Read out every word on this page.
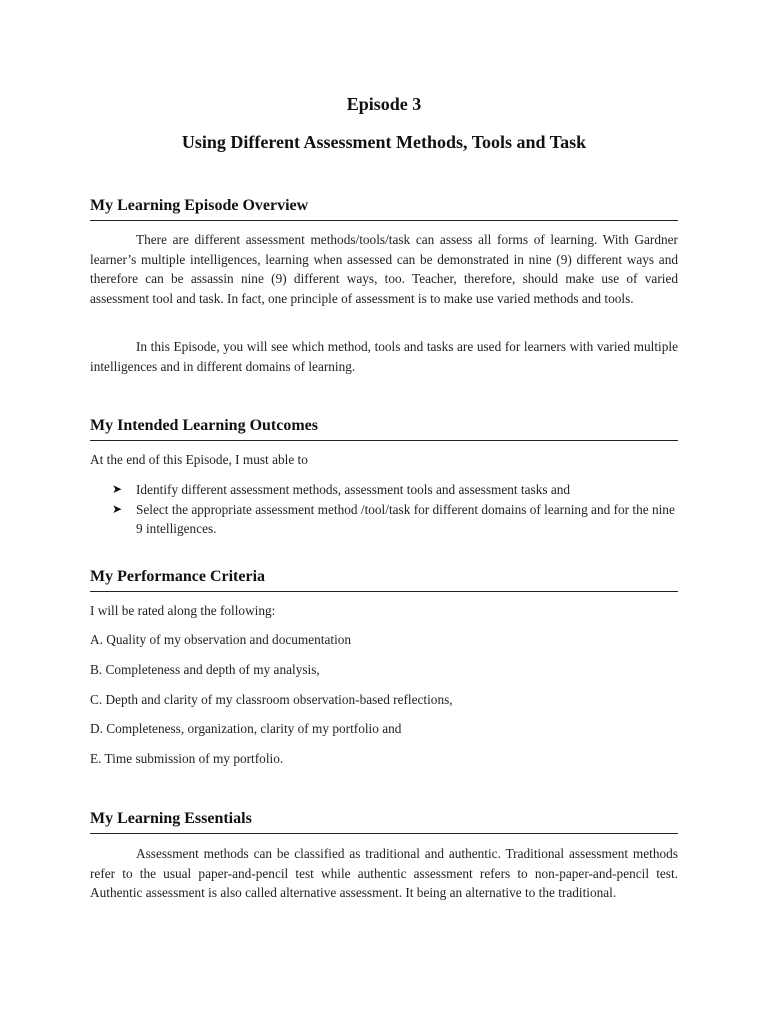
Episode 3
Using Different Assessment Methods, Tools and Task
My Learning Episode Overview

There are different assessment methods/tools/task can assess all forms of learning. With Gardner learner’s multiple intelligences, learning when assessed can be demonstrated in nine (9) different ways and therefore can be assassin nine (9) different ways, too. Teacher, therefore, should make use of varied assessment tool and task. In fact, one principle of assessment is to make use varied methods and tools.

In this Episode, you will see which method, tools and tasks are used for learners with varied multiple intelligences and in different domains of learning.

My Intended Learning Outcomes

At the end of this Episode, I must able to

➤ Identify different assessment methods, assessment tools and assessment tasks and
➤ Select the appropriate assessment method /tool/task for different domains of learning and for the nine 9 intelligences.
My Performance Criteria

I will be rated along the following:

A. Quality of my observation and documentation

B. Completeness and depth of my analysis,

C. Depth and clarity of my classroom observation-based reflections,

D. Completeness, organization, clarity of my portfolio and

E. Time submission of my portfolio.

My Learning Essentials

Assessment methods can be classified as traditional and authentic. Traditional assessment methods refer to the usual paper-and-pencil test while authentic assessment refers to non-paper-and-pencil test. Authentic assessment is also called alternative assessment. It being an alternative to the traditional.
